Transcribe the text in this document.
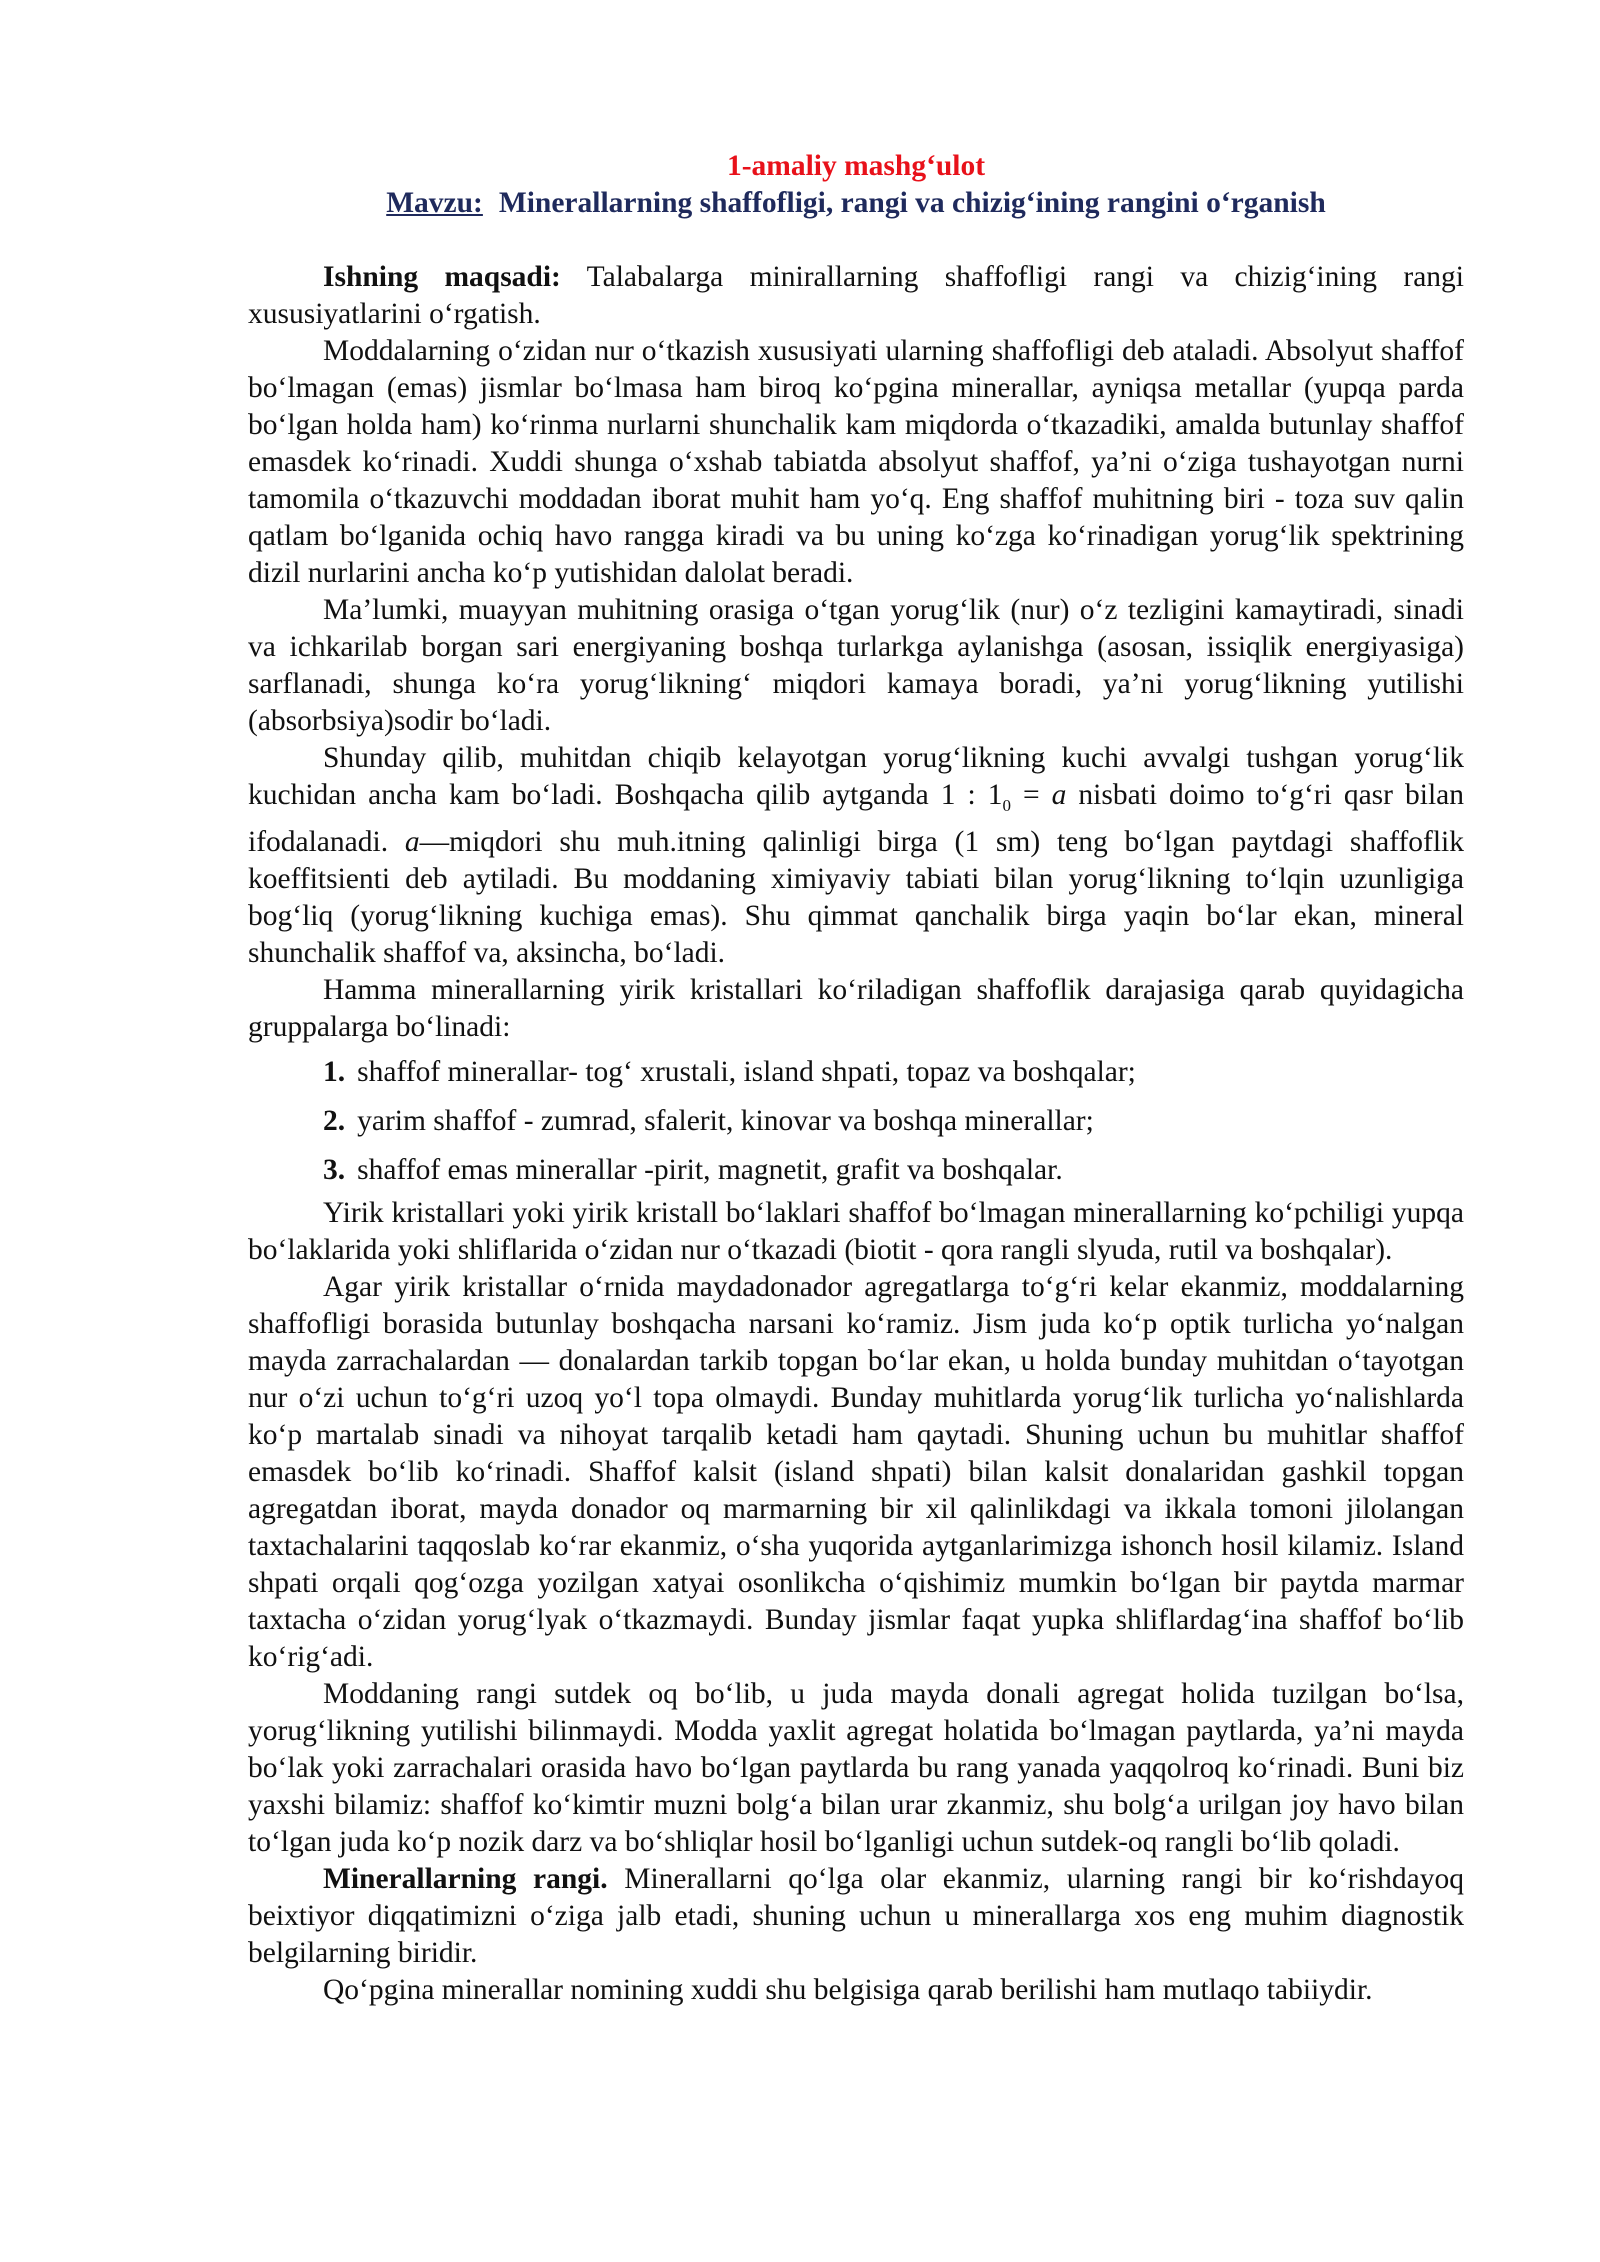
1-amaliy mashg‘ulot

Mavzu: Minerallarning shaffofligi, rangi va chizig‘ining rangini o‘rganish

Ishning maqsadi: Talabalarga minirallarning shaffofligi rangi va chizig‘ining rangi xususiyatlarini o‘rgatish.

Moddalarning o‘zidan nur o‘tkazish xususiyati ularning shaffofligi deb ataladi. Absolyut shaffof bo‘lmagan (emas) jismlar bo‘lmasa ham biroq ko‘pgina minerallar, ayniqsa metallar (yupqa parda bo‘lgan holda ham) ko‘rinma nurlarni shunchalik kam miqdorda o‘tkazadiki, amalda butunlay shaffof emasdek ko‘rinadi. Xuddi shunga o‘xshab tabiatda absolyut shaffof, ya’ni o‘ziga tushayotgan nurni tamomila o‘tkazuvchi moddadan iborat muhit ham yo‘q. Eng shaffof muhitning biri - toza suv qalin qatlam bo‘lganida ochiq havo rangga kiradi va bu uning ko‘zga ko‘rinadigan yorug‘lik spektrining dizil nurlarini ancha ko‘p yutishidan dalolat beradi.

Ma’lumki, muayyan muhitning orasiga o‘tgan yorug‘lik (nur) o‘z tezligini kamaytiradi, sinadi va ichkarilab borgan sari energiyaning boshqa turlarkga aylanishga (asosan, issiqlik energiyasiga) sarflanadi, shunga ko‘ra yorug‘likning‘ miqdori kamaya boradi, ya’ni yorug‘likning yutilishi (absorbsiya)sodir bo‘ladi.

Shunday qilib, muhitdan chiqib kelayotgan yorug‘likning kuchi avvalgi tushgan yorug‘lik kuchidan ancha kam bo‘ladi. Boshqacha qilib aytganda 1 : $1_0 = a$ nisbati doimo to‘g‘ri qasr bilan ifodalanadi. a—miqdori shu muh.itning qalinligi birga (1 sm) teng bo‘lgan paytdagi shaffoflik koeffitsienti deb aytiladi. Bu moddaning ximiyaviy tabiati bilan yorug‘likning to‘lqin uzunligiga bog‘liq (yorug‘likning kuchiga emas). Shu qimmat qanchalik birga yaqin bo‘lar ekan, mineral shunchalik shaffof va, aksincha, bo‘ladi.

Hamma minerallarning yirik kristallari ko‘riladigan shaffoflik darajasiga qarab quyidagicha gruppalarga bo‘linadi:

1. shaffof minerallar- tog‘ xrustali, island shpati, topaz va boshqalar;
2. yarim shaffof - zumrad, sfalerit, kinovar va boshqa minerallar;
3. shaffof emas minerallar -pirit, magnetit, grafit va boshqalar.

Yirik kristallari yoki yirik kristall bo‘laklari shaffof bo‘lmagan minerallarning ko‘pchiligi yupqa bo‘laklarida yoki shliflarida o‘zidan nur o‘tkazadi (biotit - qora rangli slyuda, rutil va boshqalar).

Agar yirik kristallar o‘rnida maydadonador agregatlarga to‘g‘ri kelar ekanmiz, moddalarning shaffofligi borasida butunlay boshqacha narsani ko‘ramiz. Jism juda ko‘p optik turlicha yo‘nalgan mayda zarrachalardan — donalardan tarkib topgan bo‘lar ekan, u holda bunday muhitdan o‘tayotgan nur o‘zi uchun to‘g‘ri uzoq yo‘l topa olmaydi. Bunday muhitlarda yorug‘lik turlicha yo‘nalishlarda ko‘p martalab sinadi va nihoyat tarqalib ketadi ham qaytadi. Shuning uchun bu muhitlar shaffof emasdek bo‘lib ko‘rinadi. Shaffof kalsit (island shpati) bilan kalsit donalaridan gashkil topgan agregatdan iborat, mayda donador oq marmarning bir xil qalinlikdagi va ikkala tomoni jilolangan taxtachalarini taqqoslab ko‘rar ekanmiz, o‘sha yuqorida aytganlarimizga ishonch hosil kilamiz. Island shpati orqali qog‘ozga yozilgan xatyai osonlikcha o‘qishimiz mumkin bo‘lgan bir paytda marmar taxtacha o‘zidan yorug‘lyak o‘tkazmaydi. Bunday jismlar faqat yupka shliflardag‘ina shaffof bo‘lib ko‘rig‘adi.

Moddaning rangi sutdek oq bo‘lib, u juda mayda donali agregat holida tuzilgan bo‘lsa, yorug‘likning yutilishi bilinmaydi. Modda yaxlit agregat holatida bo‘lmagan paytlarda, ya’ni mayda bo‘lak yoki zarrachalari orasida havo bo‘lgan paytlarda bu rang yanada yaqqolroq ko‘rinadi. Buni biz yaxshi bilamiz: shaffof ko‘kimtir muzni bolg‘a bilan urar zkanmiz, shu bolg‘a urilgan joy havo bilan to‘lgan juda ko‘p nozik darz va bo‘shliqlar hosil bo‘lganligi uchun sutdek-oq rangli bo‘lib qoladi.

Minerallarning rangi. Minerallarni qo‘lga olar ekanmiz, ularning rangi bir ko‘rishdayoq beixtiyor diqqatimizni o‘ziga jalb etadi, shuning uchun u minerallarga xos eng muhim diagnostik belgilarning biridir.

Qo‘pgina minerallar nomining xuddi shu belgisiga qarab berilishi ham mutlaqo tabiiydir.
